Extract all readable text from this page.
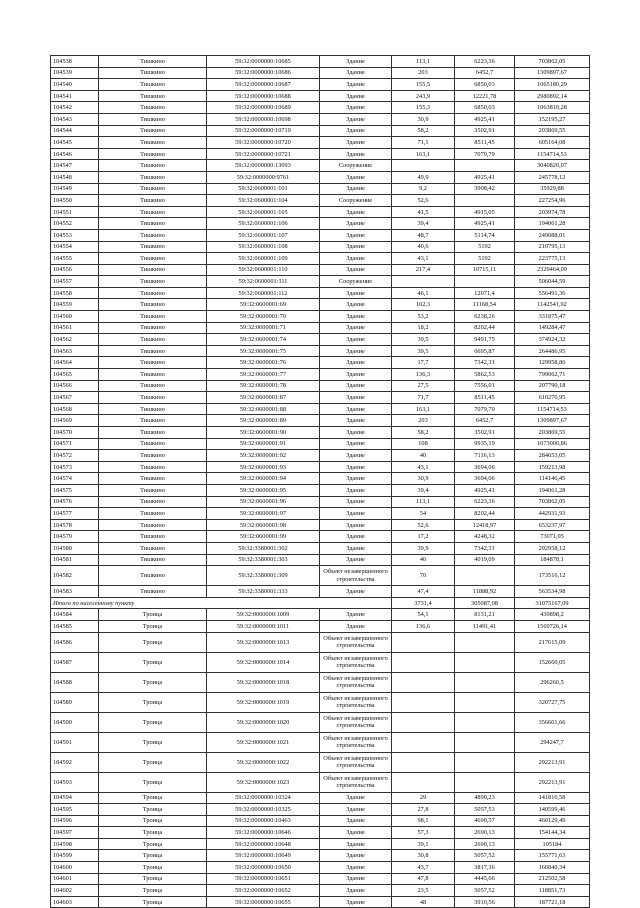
104538	Тишкино	59:32:0000000:10685	Здание	113,1	6223,36	703862,05
104539	Тишкино	59:32:0000000:10686	Здание	203	6452,7	1309897,67
104540	Тишкино	59:32:0000000:10687	Здание	155,5	6850,03	1065180,29
104541	Тишкино	59:32:0000000:10688	Здание	243,9	12221,78	2980892,14
104542	Тишкино	59:32:0000000:10689	Здание	155,3	6850,03	1063810,28
104543	Тишкино	59:32:0000000:10698	Здание	30,9	4925,41	152195,27
104544	Тишкино	59:32:0000000:10719	Здание	58,2	3502,91	203869,55
104545	Тишкино	59:32:0000000:10720	Здание	71,1	8511,45	605164,08
104546	Тишкино	59:32:0000000:10721	Здание	163,1	7079,79	1154714,53
104547	Тишкино	59:32:0000000:13093	Сооружение			3040820,07
104548	Тишкино	59:32:0000000:9761	Здание	49,9	4925,41	245778,12
104549	Тишкино	59:32:0600001:101	Здание	9,2	3908,42	35929,88
104550	Тишкино	59:32:0600001:104	Сооружение	52,6		227254,96
104551	Тишкино	59:32:0600001:105	Здание	41,5	4915,05	203974,78
104552	Тишкино	59:32:0600001:106	Здание	39,4	4925,41	194061,28
104553	Тишкино	59:32:0600001:107	Здание	48,7	5114,74	249088,01
104554	Тишкино	59:32:0600001:108	Здание	40,6	5192	210795,13
104555	Тишкино	59:32:0600001:109	Здание	43,1	5192	223775,13
104556	Тишкино	59:32:0600001:110	Здание	217,4	10715,11	2329464,09
104557	Тишкино	59:32:0600001:111	Сооружение			596044,59
104558	Тишкино	59:32:0600001:112	Здание	46,1	12071,4	556491,36
104559	Тишкино	59:32:0600001:69	Здание	102,3	11168,54	1142541,92
104560	Тишкино	59:32:0600001:70	Здание	53,2	6238,26	331875,47
104561	Тишкино	59:32:0600001:71	Здание	18,2	8202,44	149284,47
104562	Тишкино	59:32:0600001:74	Здание	39,5	9491,75	374924,32
104563	Тишкино	59:32:0600001:75	Здание	39,5	6695,87	264486,95
104564	Тишкино	59:32:0600001:76	Здание	17,7	7342,31	129958,86
104565	Тишкино	59:32:0600001:77	Здание	136,3	5862,53	799062,71
104566	Тишкино	59:32:0600001:78	Здание	27,5	7556,01	207790,18
104567	Тишкино	59:32:0600001:87	Здание	71,7	8511,45	610270,95
104568	Тишкино	59:32:0600001:88	Здание	163,1	7079,79	1154714,53
104569	Тишкино	59:32:0600001:89	Здание	203	6452,7	1309897,67
104570	Тишкино	59:32:0600001:90	Здание	58,2	3502,91	203869,55
104571	Тишкино	59:32:0600001:91	Здание	108	9935,19	1073000,86
104572	Тишкино	59:32:0600001:92	Здание	40	7116,13	284653,05
104573	Тишкино	59:32:0600001:93	Здание	43,1	3694,06	159213,98
104574	Тишкино	59:32:0600001:94	Здание	30,9	3694,06	114146,45
104575	Тишкино	59:32:0600001:95	Здание	39,4	4925,41	194061,28
104576	Тишкино	59:32:0600001:96	Здание	113,1	6223,36	703862,05
104577	Тишкино	59:32:0600001:97	Здание	54	8202,44	442931,93
104578	Тишкино	59:32:0600001:98	Здание	52,6	12418,97	653237,97
104579	Тишкино	59:32:0600001:99	Здание	17,2	4248,32	73071,05
104580	Тишкино	59:32:3380001:302	Здание	39,9	7342,31	292958,12
104581	Тишкино	59:32:3380001:303	Здание	46	4019,09	184878,1
104582	Тишкино	59:32:3380001:309	Объект незавершенного строительства	76		173516,12
104583	Тишкино	59:32:3380001:333	Здание	47,4	11888,92	563534,98
Итого по населенному пункту				3731,4	305087,08	31075167,09
104584	Троица	59:32:0000000:1009	Здание	54,1	8131,21	439898,2
104585	Троица	59:32:0000000:1011	Здание	136,6	11491,41	1569726,14
104586	Троица	59:32:0000000:1013	Объект незавершенного строительства			217615,09
104587	Троица	59:32:0000000:1014	Объект незавершенного строительства			152660,05
104588	Троица	59:32:0000000:1018	Объект незавершенного строительства			296260,5
104589	Троица	59:32:0000000:1019	Объект незавершенного строительства			320727,75
104590	Троица	59:32:0000000:1020	Объект незавершенного строительства			356601,66
104591	Троица	59:32:0000000:1021	Объект незавершенного строительства			294247,7
104592	Троица	59:32:0000000:1022	Объект незавершенного строительства			292213,91
104593	Троица	59:32:0000000:1023	Объект незавершенного строительства			292213,91
104594	Троица	59:32:0000000:10324	Здание	29	4890,23	141816,58
104595	Троица	59:32:0000000:10325	Здание	27,8	5057,53	140599,46
104596	Троица	59:32:0000000:10463	Здание	98,1	4690,57	460129,49
104597	Троица	59:32:0000000:10646	Здание	57,3	2690,13	154144,34
104598	Троица	59:32:0000000:10648	Здание	39,1	2690,13	105184
104599	Троица	59:32:0000000:10649	Здание	30,8	5057,52	155771,63
104600	Троица	59:32:0000000:10650	Здание	43,7	3817,36	166840,34
104601	Троица	59:32:0000000:10651	Здание	47,8	4445,66	212502,58
104602	Троица	59:32:0000000:10652	Здание	23,5	5057,52	118851,73
104603	Троица	59:32:0000000:10655	Здание	48	3910,56	187721,18
